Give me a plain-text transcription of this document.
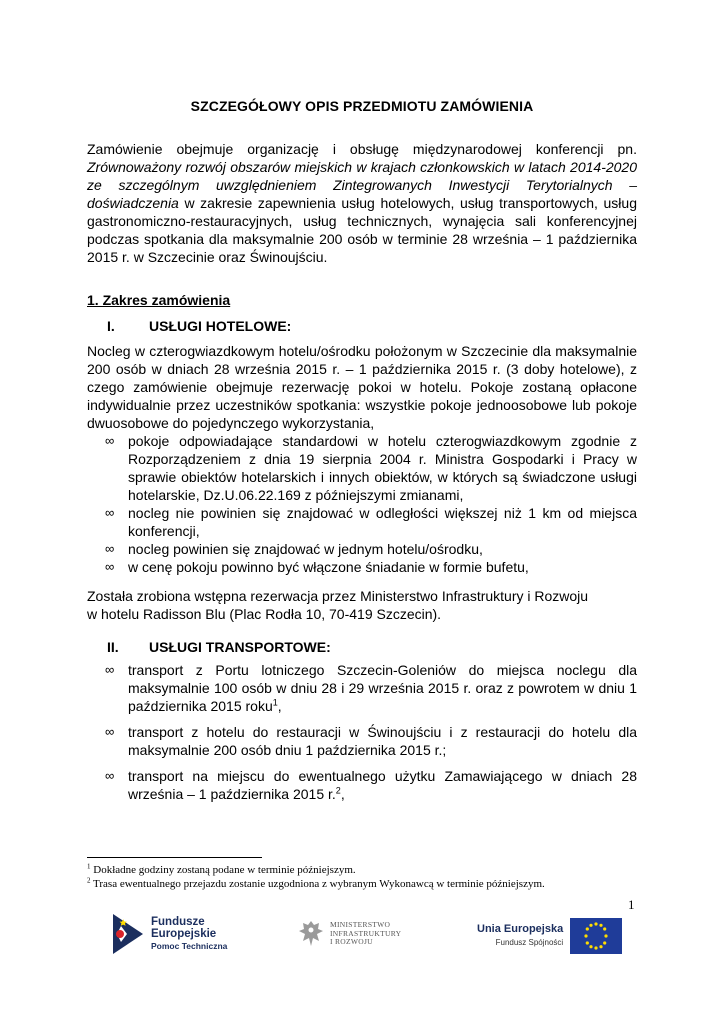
SZCZEGÓŁOWY OPIS PRZEDMIOTU ZAMÓWIENIA

Zamówienie obejmuje organizację i obsługę międzynarodowej konferencji pn. Zrównoważony rozwój obszarów miejskich w krajach członkowskich w latach 2014-2020 ze szczególnym uwzględnieniem Zintegrowanych Inwestycji Terytorialnych – doświadczenia w zakresie zapewnienia usług hotelowych, usług transportowych, usług gastronomiczno-restauracyjnych, usług technicznych, wynajęcia sali konferencyjnej podczas spotkania dla maksymalnie 200 osób w terminie 28 września – 1 października 2015 r. w Szczecinie oraz Świnoujściu.

1. Zakres zamówienia
I.	USŁUGI HOTELOWE:

Nocleg w czterogwiazdkowym hotelu/ośrodku położonym w Szczecinie dla maksymalnie 200 osób w dniach 28 września 2015 r. – 1 października 2015 r. (3 doby hotelowe), z czego zamówienie obejmuje rezerwację pokoi w hotelu. Pokoje zostaną opłacone indywidualnie przez uczestników spotkania: wszystkie pokoje jednoosobowe lub pokoje dwuosobowe do pojedynczego wykorzystania,

∞ pokoje odpowiadające standardowi w hotelu czterogwiazdkowym zgodnie z Rozporządzeniem z dnia 19 sierpnia 2004 r. Ministra Gospodarki i Pracy w sprawie obiektów hotelarskich i innych obiektów, w których są świadczone usługi hotelarskie, Dz.U.06.22.169 z późniejszymi zmianami,
∞ nocleg nie powinien się znajdować w odległości większej niż 1 km od miejsca konferencji,
∞ nocleg powinien się znajdować w jednym hotelu/ośrodku,
∞ w cenę pokoju powinno być włączone śniadanie w formie bufetu,
Została zrobiona wstępna rezerwacja przez Ministerstwo Infrastruktury i Rozwoju
w hotelu Radisson Blu (Plac Rodła 10, 70-419 Szczecin).
II.	USŁUGI TRANSPORTOWE:
∞ transport z Portu lotniczego Szczecin-Goleniów do miejsca noclegu dla maksymalnie 100 osób w dniu 28 i 29 września 2015 r. oraz z powrotem w dniu 1 października 2015 roku$^1$,
∞ transport z hotelu do restauracji w Świnoujściu i z restauracji do hotelu dla maksymalnie 200 osób dniu 1 października 2015 r.;
∞ transport na miejscu do ewentualnego użytku Zamawiającego w dniach 28 września – 1 października 2015 r.$^2$,
$^1$ Dokładne godziny zostaną podane w terminie późniejszym.
$^2$ Trasa ewentualnego przejazdu zostanie uzgodniona z wybranym Wykonawcą w terminie późniejszym.
1
Fundusze
Europejskie
Pomoc Techniczna
MINISTERSTWO
INFRASTRUKTURY
I ROZWOJU
Unia Europejska
Fundusz Spójności
